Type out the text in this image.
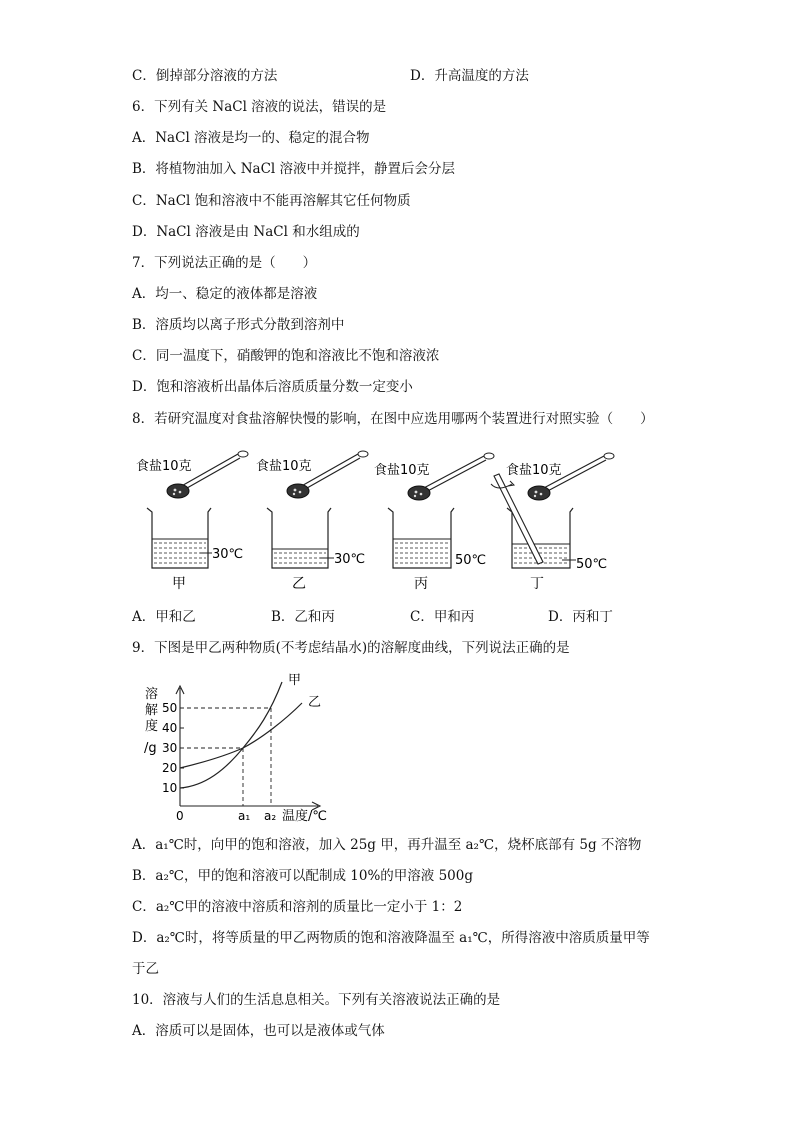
C．倒掉部分溶液的方法	D．升高温度的方法
6．下列有关 NaCl 溶液的说法，错误的是
A．NaCl 溶液是均一的、稳定的混合物
B．将植物油加入 NaCl 溶液中并搅拌，静置后会分层
C．NaCl 饱和溶液中不能再溶解其它任何物质
D．NaCl 溶液是由 NaCl 和水组成的
7．下列说法正确的是（　　）
A．均一、稳定的液体都是溶液
B．溶质均以离子形式分散到溶剂中
C．同一温度下，硝酸钾的饱和溶液比不饱和溶液浓
D．饱和溶液析出晶体后溶质质量分数一定变小
8．若研究温度对食盐溶解快慢的影响，在图中应选用哪两个装置进行对照实验（　　）
食盐10克
30℃
甲
食盐10克
30℃
乙
食盐10克
50℃
丙
食盐10克
50℃
丁
A．甲和乙	B．乙和丙	C．甲和丙	D．丙和丁
9．下图是甲乙两种物质(不考虑结晶水)的溶解度曲线，下列说法正确的是
溶
解
度
/g
50
40
30
20
10
0	a₁ a₂ 温度/℃
甲
乙
A．a₁℃时，向甲的饱和溶液，加入 25g 甲，再升温至 a₂℃，烧杯底部有 5g 不溶物
B．a₂℃，甲的饱和溶液可以配制成 10%的甲溶液 500g
C．a₂℃甲的溶液中溶质和溶剂的质量比一定小于 1：2
D．a₂℃时，将等质量的甲乙两物质的饱和溶液降温至 a₁℃，所得溶液中溶质质量甲等
于乙
10．溶液与人们的生活息息相关。下列有关溶液说法正确的是
A．溶质可以是固体，也可以是液体或气体
